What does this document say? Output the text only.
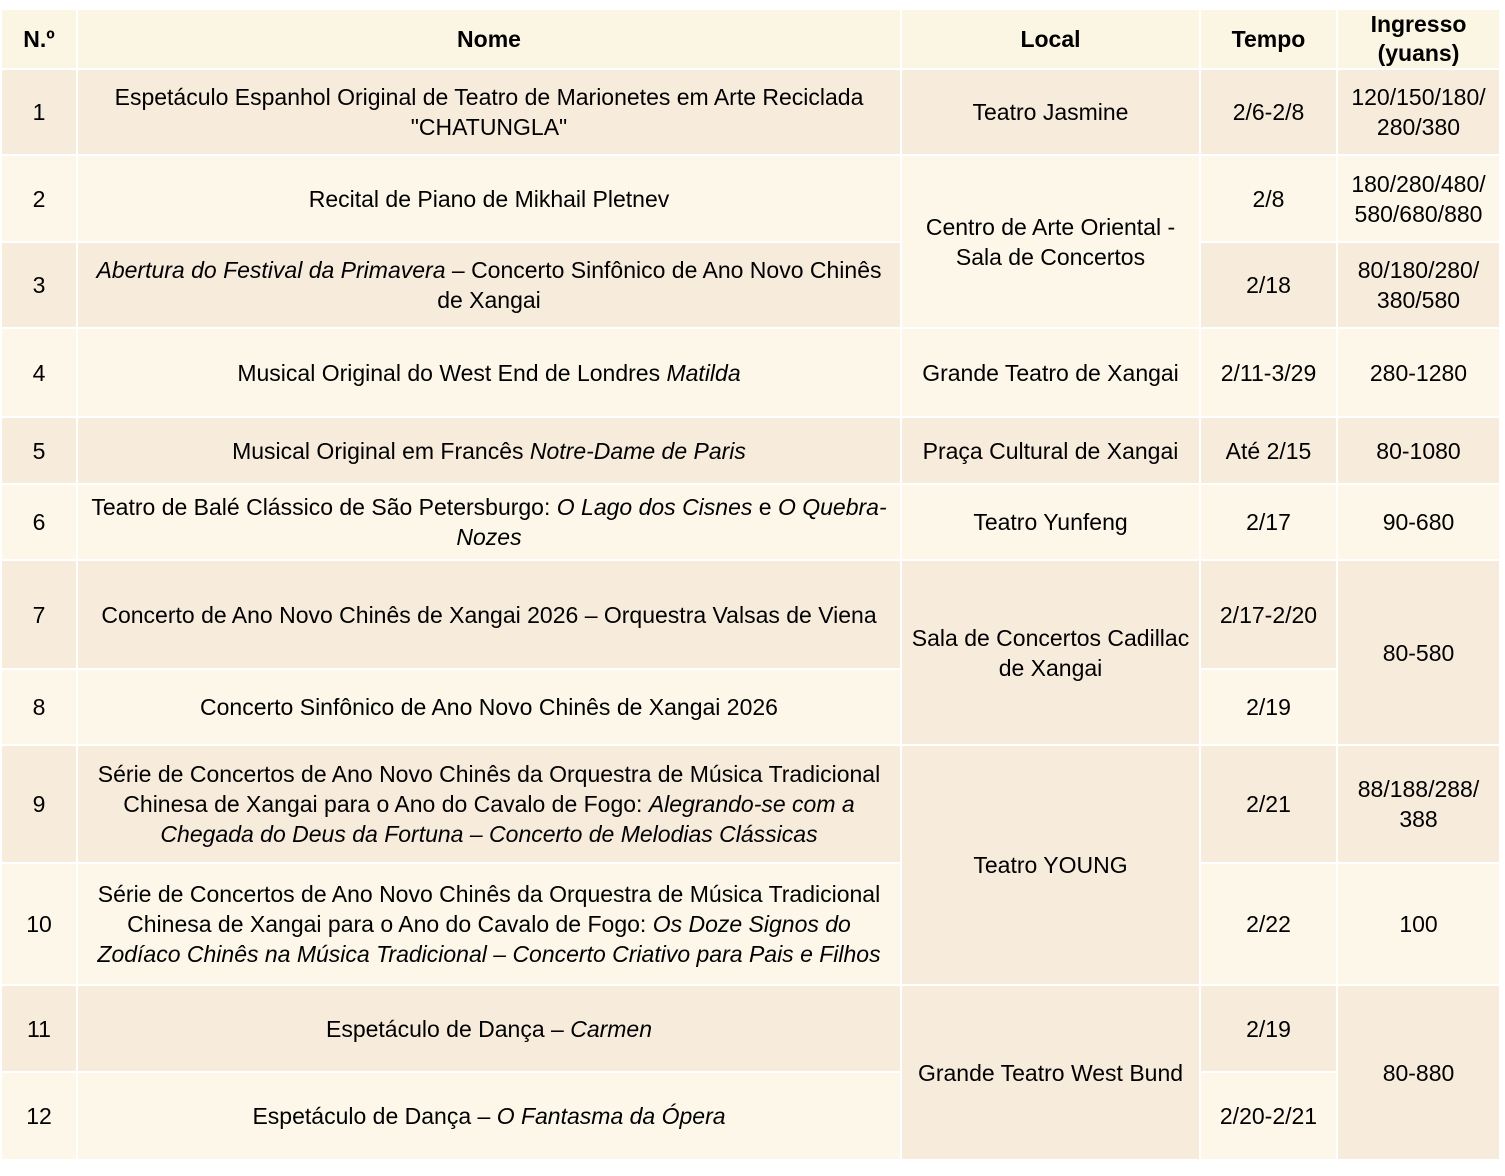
N.º	Nome	Local	Tempo	Ingresso (yuans)
1	Espetáculo Espanhol Original de Teatro de Marionetes em Arte Reciclada "CHATUNGLA"	Teatro Jasmine	2/6-2/8	120/150/180/ 280/380
2	Recital de Piano de Mikhail Pletnev	Centro de Arte Oriental - Sala de Concertos	2/8	180/280/480/ 580/680/880
3	Abertura do Festival da Primavera – Concerto Sinfônico de Ano Novo Chinês de Xangai		2/18	80/180/280/ 380/580
4	Musical Original do West End de Londres Matilda	Grande Teatro de Xangai	2/11-3/29	280-1280
5	Musical Original em Francês Notre-Dame de Paris	Praça Cultural de Xangai	Até 2/15	80-1080
6	Teatro de Balé Clássico de São Petersburgo: O Lago dos Cisnes e O Quebra-Nozes	Teatro Yunfeng	2/17	90-680
7	Concerto de Ano Novo Chinês de Xangai 2026 – Orquestra Valsas de Viena	Sala de Concertos Cadillac de Xangai	2/17-2/20	80-580
8	Concerto Sinfônico de Ano Novo Chinês de Xangai 2026		2/19	
9	Série de Concertos de Ano Novo Chinês da Orquestra de Música Tradicional Chinesa de Xangai para o Ano do Cavalo de Fogo: Alegrando-se com a Chegada do Deus da Fortuna – Concerto de Melodias Clássicas	Teatro YOUNG	2/21	88/188/288/ 388
10	Série de Concertos de Ano Novo Chinês da Orquestra de Música Tradicional Chinesa de Xangai para o Ano do Cavalo de Fogo: Os Doze Signos do Zodíaco Chinês na Música Tradicional – Concerto Criativo para Pais e Filhos		2/22	100
11	Espetáculo de Dança – Carmen	Grande Teatro West Bund	2/19	80-880
12	Espetáculo de Dança – O Fantasma da Ópera		2/20-2/21	
